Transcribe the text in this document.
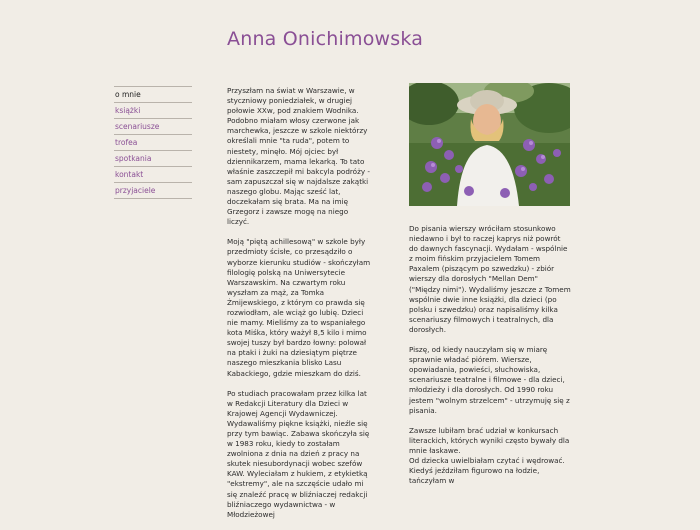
Anna Onichimowska
o mnie
książki
scenariusze
trofea
spotkania
kontakt
przyjaciele

Przyszłam na świat w Warszawie, w styczniowy poniedziałek, w drugiej połowie XXw, pod znakiem Wodnika. Podobno miałam włosy czerwone jak marchewka, jeszcze w szkole niektórzy określali mnie "ta ruda", potem to niestety, minęło. Mój ojciec był dziennikarzem, mama lekarką. To tato właśnie zaszczepił mi bakcyla podróży - sam zapuszczał się w najdalsze zakątki naszego globu. Mając sześć lat, doczekałam się brata. Ma na imię Grzegorz i zawsze mogę na niego liczyć.

Moją "piętą achillesową" w szkole były przedmioty ścisłe, co przesądziło o wyborze kierunku studiów - skończyłam filologię polską na Uniwersytecie Warszawskim. Na czwartym roku wyszłam za mąż, za Tomka Żmijewskiego, z którym co prawda się rozwiodłam, ale wciąż go lubię. Dzieci nie mamy. Mieliśmy za to wspaniałego kota Miśka, który ważył 8,5 kilo i mimo swojej tuszy był bardzo łowny: polował na ptaki i żuki na dziesiątym piętrze naszego mieszkania blisko Lasu Kabackiego, gdzie mieszkam do dziś.

Po studiach pracowałam przez kilka lat w Redakcji Literatury dla Dzieci w Krajowej Agencji Wydawniczej. Wydawaliśmy piękne książki, nieźle się przy tym bawiąc. Zabawa skończyła się w 1983 roku, kiedy to zostałam zwolniona z dnia na dzień z pracy na skutek niesubordynacji wobec szefów KAW. Wyleciałam z hukiem, z etykietką "ekstremy", ale na szczęście udało mi się znaleźć pracę w bliźniaczej redakcji bliźniaczego wydawnictwa - w Młodzieżowej

Do pisania wierszy wróciłam stosunkowo niedawno i był to raczej kaprys niż powrót do dawnych fascynacji. Wydałam - wspólnie z moim fińskim przyjacielem Tomem Paxalem (piszącym po szwedzku) - zbiór wierszy dla dorosłych "Mellan Dem" ("Między nimi"). Wydaliśmy jeszcze z Tomem wspólnie dwie inne książki, dla dzieci (po polsku i szwedzku) oraz napisaliśmy kilka scenariuszy filmowych i teatralnych, dla dorosłych.

Piszę, od kiedy nauczyłam się w miarę sprawnie władać piórem. Wiersze, opowiadania, powieści, słuchowiska, scenariusze teatralne i filmowe - dla dzieci, młodzieży i dla dorosłych. Od 1990 roku jestem "wolnym strzelcem" - utrzymuję się z pisania.

Zawsze lubiłam brać udział w konkursach literackich, których wyniki często bywały dla mnie łaskawe.
Od dziecka uwielbiałam czytać i wędrować. Kiedyś jeździłam figurowo na łodzie, tańczyłam w
